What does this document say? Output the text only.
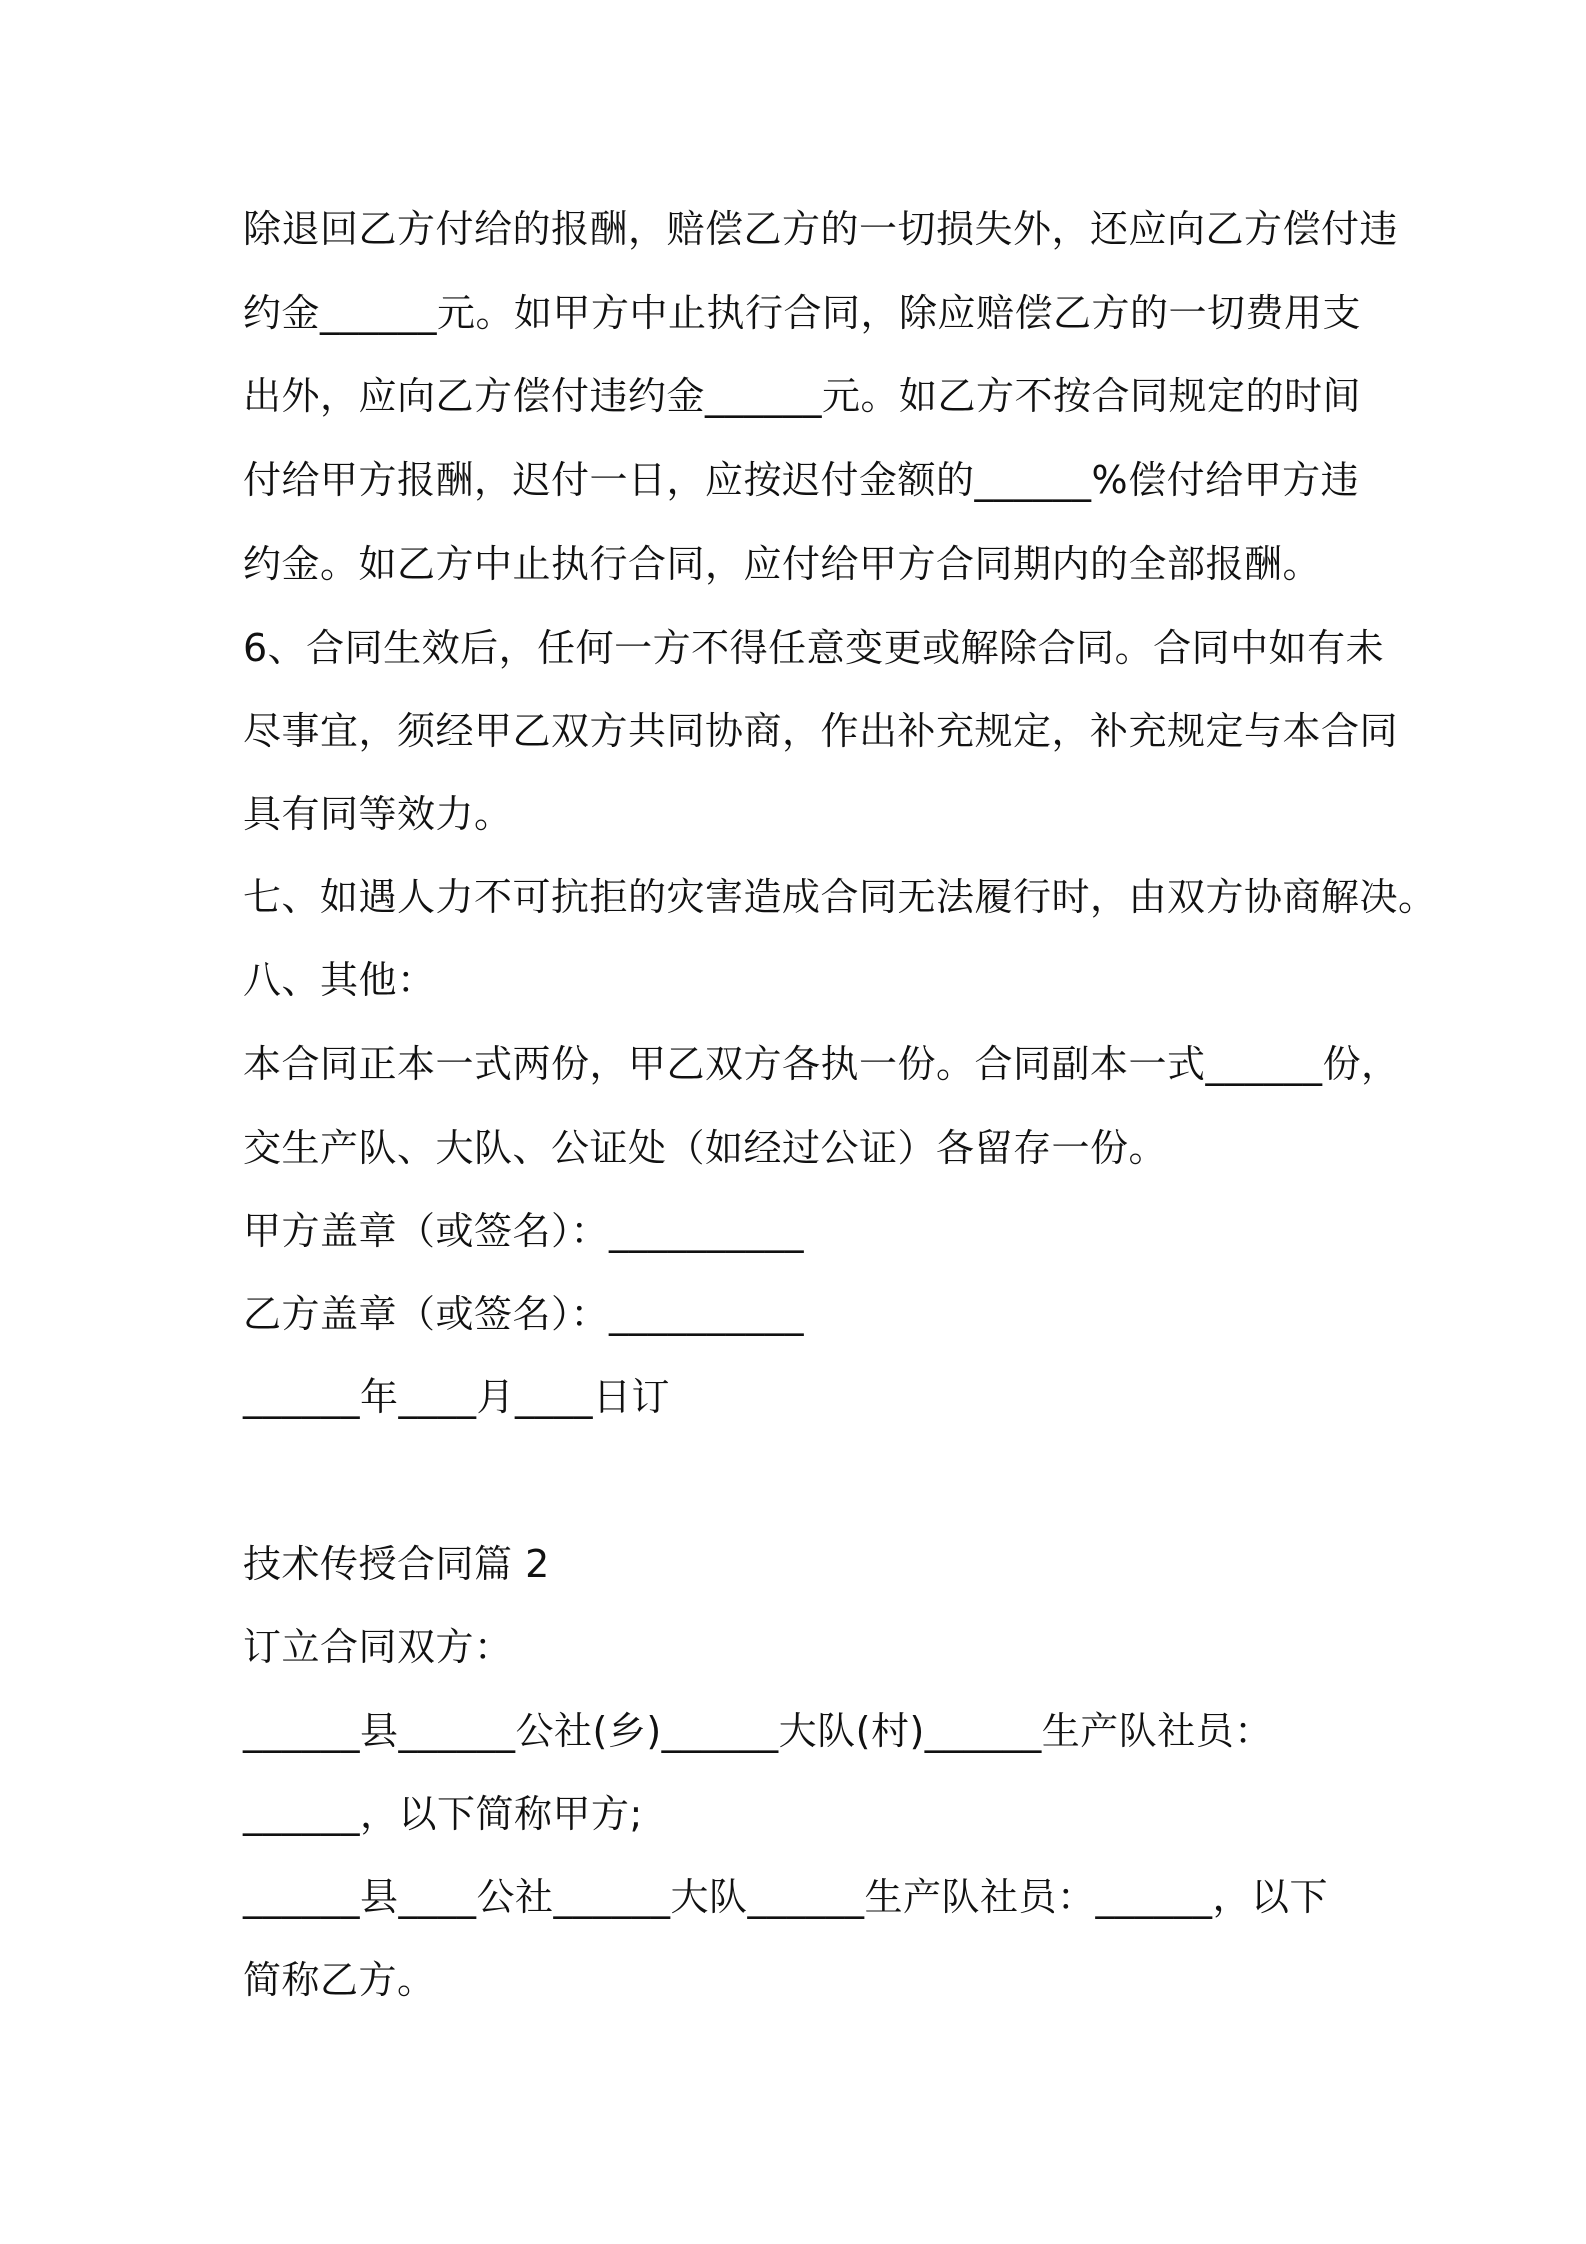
除退回乙方付给的报酬，赔偿乙方的一切损失外，还应向乙方偿付违
约金______元。如甲方中止执行合同，除应赔偿乙方的一切费用支
出外，应向乙方偿付违约金______元。如乙方不按合同规定的时间
付给甲方报酬，迟付一日，应按迟付金额的______%偿付给甲方违
约金。如乙方中止执行合同，应付给甲方合同期内的全部报酬。
6、合同生效后，任何一方不得任意变更或解除合同。合同中如有未
尽事宜，须经甲乙双方共同协商，作出补充规定，补充规定与本合同
具有同等效力。
七、如遇人力不可抗拒的灾害造成合同无法履行时，由双方协商解决。
八、其他：
本合同正本一式两份，甲乙双方各执一份。合同副本一式______份，
交生产队、大队、公证处（如经过公证）各留存一份。
甲方盖章（或签名）：__________
乙方盖章（或签名）：__________
______年____月____日订
技术传授合同篇 2
订立合同双方：
______县______公社(乡)______大队(村)______生产队社员：
______，以下简称甲方;
______县____公社______大队______生产队社员：______，以下
简称乙方。
